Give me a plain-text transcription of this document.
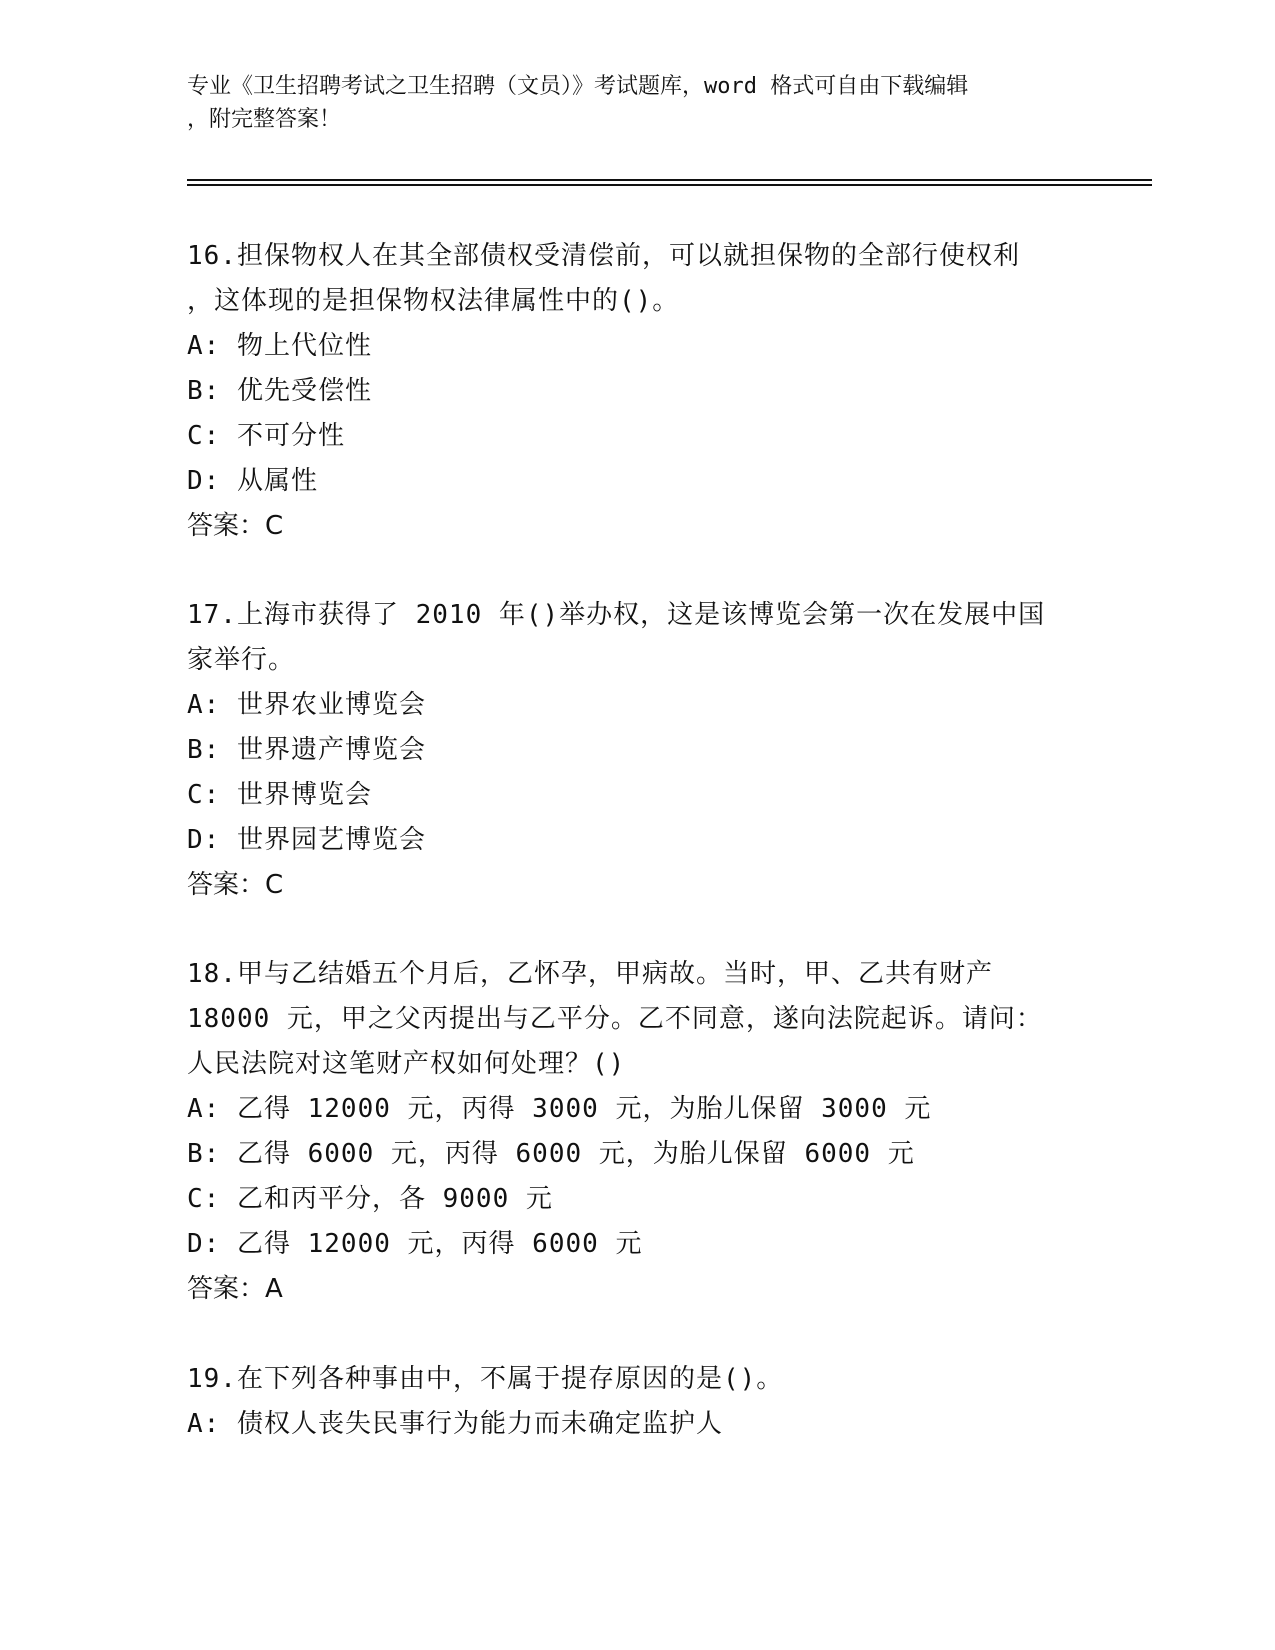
专业《卫生招聘考试之卫生招聘（文员）》考试题库，word 格式可自由下载编辑
，附完整答案！
16.担保物权人在其全部债权受清偿前，可以就担保物的全部行使权利
，这体现的是担保物权法律属性中的()。
A: 物上代位性
B: 优先受偿性
C: 不可分性
D: 从属性
答案：C
17.上海市获得了 2010 年()举办权，这是该博览会第一次在发展中国
家举行。
A: 世界农业博览会
B: 世界遗产博览会
C: 世界博览会
D: 世界园艺博览会
答案：C
18.甲与乙结婚五个月后，乙怀孕，甲病故。当时，甲、乙共有财产
18000 元，甲之父丙提出与乙平分。乙不同意，遂向法院起诉。请问：
人民法院对这笔财产权如何处理？()
A: 乙得 12000 元，丙得 3000 元，为胎儿保留 3000 元
B: 乙得 6000 元，丙得 6000 元，为胎儿保留 6000 元
C: 乙和丙平分，各 9000 元
D: 乙得 12000 元，丙得 6000 元
答案：A
19.在下列各种事由中，不属于提存原因的是()。
A: 债权人丧失民事行为能力而未确定监护人
